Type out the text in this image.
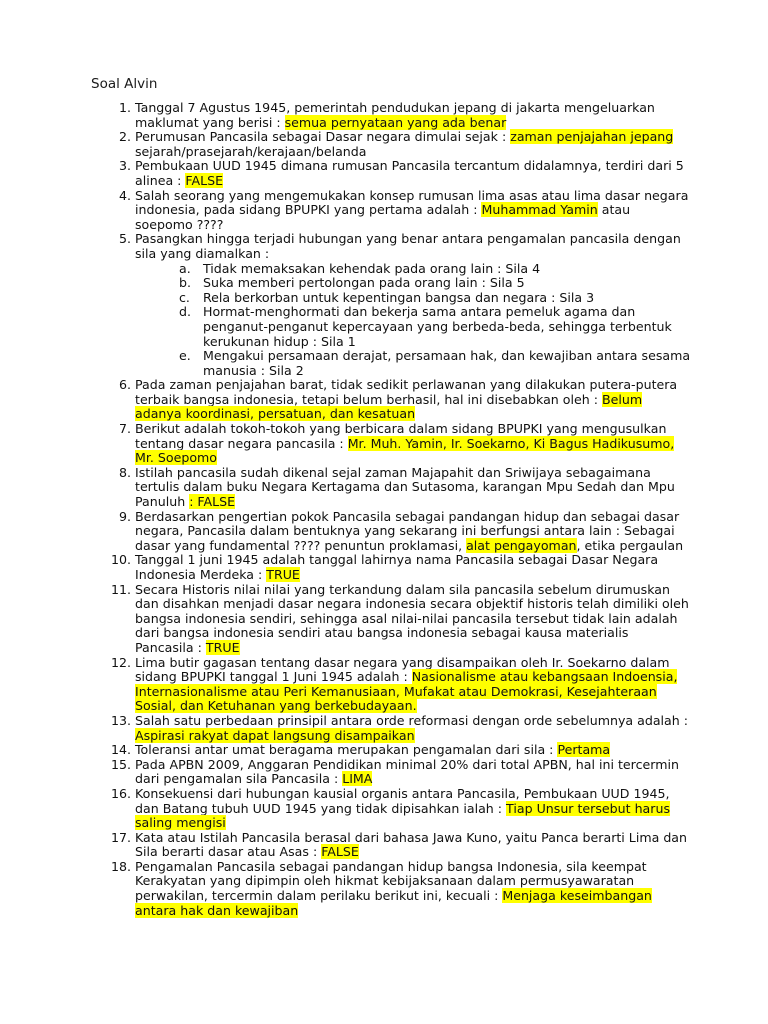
Soal Alvin
1. Tanggal 7 Agustus 1945, pemerintah pendudukan jepang di jakarta mengeluarkan maklumat yang berisi : semua pernyataan yang ada benar
2. Perumusan Pancasila sebagai Dasar negara dimulai sejak : zaman penjajahan jepang sejarah/prasejarah/kerajaan/belanda
3. Pembukaan UUD 1945 dimana rumusan Pancasila tercantum didalamnya, terdiri dari 5 alinea : FALSE
4. Salah seorang yang mengemukakan konsep rumusan lima asas atau lima dasar negara indonesia, pada sidang BPUPKI yang pertama adalah : Muhammad Yamin atau soepomo ????
5. Pasangkan hingga terjadi hubungan yang benar antara pengamalan pancasila dengan sila yang diamalkan :
a. Tidak memaksakan kehendak pada orang lain : Sila 4
b. Suka memberi pertolongan pada orang lain : Sila 5
c. Rela berkorban untuk kepentingan bangsa dan negara : Sila 3
d. Hormat-menghormati dan bekerja sama antara pemeluk agama dan penganut-penganut kepercayaan yang berbeda-beda, sehingga terbentuk kerukunan hidup : Sila 1
e. Mengakui persamaan derajat, persamaan hak, dan kewajiban antara sesama manusia : Sila 2
6. Pada zaman penjajahan barat, tidak sedikit perlawanan yang dilakukan putera-putera terbaik bangsa indonesia, tetapi belum berhasil, hal ini disebabkan oleh : Belum adanya koordinasi, persatuan, dan kesatuan
7. Berikut adalah tokoh-tokoh yang berbicara dalam sidang BPUPKI yang mengusulkan tentang dasar negara pancasila : Mr. Muh. Yamin, Ir. Soekarno, Ki Bagus Hadikusumo, Mr. Soepomo
8. Istilah pancasila sudah dikenal sejal zaman Majapahit dan Sriwijaya sebagaimana tertulis dalam buku Negara Kertagama dan Sutasoma, karangan Mpu Sedah dan Mpu Panuluh : FALSE
9. Berdasarkan pengertian pokok Pancasila sebagai pandangan hidup dan sebagai dasar negara, Pancasila dalam bentuknya yang sekarang ini berfungsi antara lain : Sebagai dasar yang fundamental ???? penuntun proklamasi, alat pengayoman, etika pergaulan
10. Tanggal 1 juni 1945 adalah tanggal lahirnya nama Pancasila sebagai Dasar Negara Indonesia Merdeka : TRUE
11. Secara Historis nilai nilai yang terkandung dalam sila pancasila sebelum dirumuskan dan disahkan menjadi dasar negara indonesia secara objektif historis telah dimiliki oleh bangsa indonesia sendiri, sehingga asal nilai-nilai pancasila tersebut tidak lain adalah dari bangsa indonesia sendiri atau bangsa indonesia sebagai kausa materialis Pancasila : TRUE
12. Lima butir gagasan tentang dasar negara yang disampaikan oleh Ir. Soekarno dalam sidang BPUPKI tanggal 1 Juni 1945 adalah : Nasionalisme atau kebangsaan Indoensia, Internasionalisme atau Peri Kemanusiaan, Mufakat atau Demokrasi, Kesejahteraan Sosial, dan Ketuhanan yang berkebudayaan.
13. Salah satu perbedaan prinsipil antara orde reformasi dengan orde sebelumnya adalah : Aspirasi rakyat dapat langsung disampaikan
14. Toleransi antar umat beragama merupakan pengamalan dari sila : Pertama
15. Pada APBN 2009, Anggaran Pendidikan minimal 20% dari total APBN, hal ini tercermin dari pengamalan sila Pancasila : LIMA
16. Konsekuensi dari hubungan kausial organis antara Pancasila, Pembukaan UUD 1945, dan Batang tubuh UUD 1945 yang tidak dipisahkan ialah : Tiap Unsur tersebut harus saling mengisi
17. Kata atau Istilah Pancasila berasal dari bahasa Jawa Kuno, yaitu Panca berarti Lima dan Sila berarti dasar atau Asas : FALSE
18. Pengamalan Pancasila sebagai pandangan hidup bangsa Indonesia, sila keempat Kerakyatan yang dipimpin oleh hikmat kebijaksanaan dalam permusyawaratan perwakilan, tercermin dalam perilaku berikut ini, kecuali : Menjaga keseimbangan antara hak dan kewajiban
